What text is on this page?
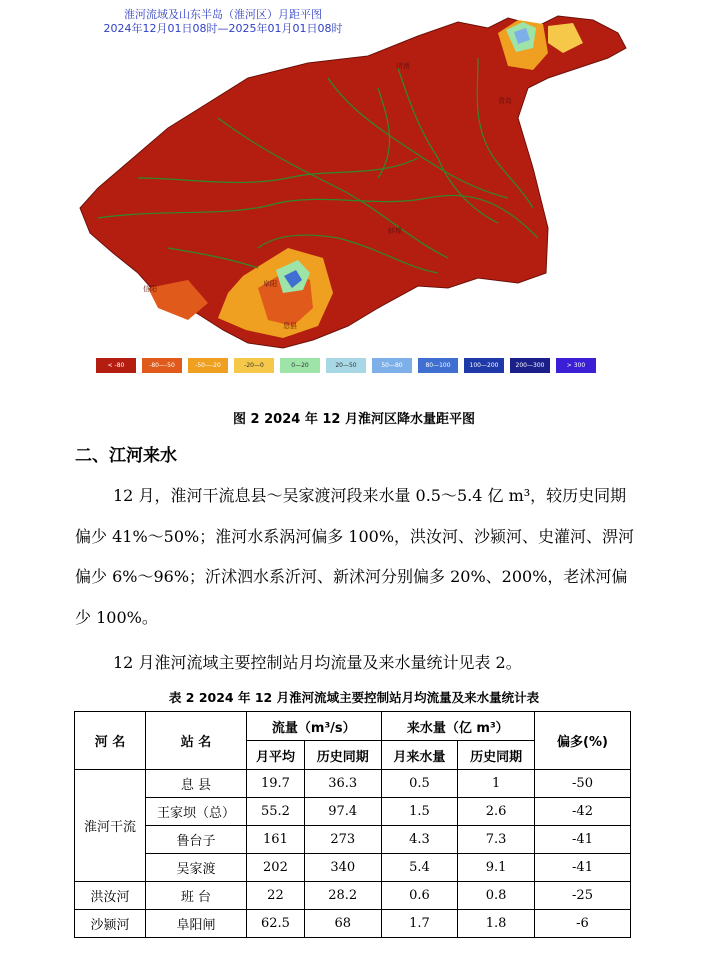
济南
青岛
信阳
息县
蚌埠
阜阳
淮河流域及山东半岛（淮河区）月距平图
2024年12月01日08时—2025年01月01日08时
< -80	-80—-50	-50—-20	-20—0	0—20	20—50	50—80	80—100	100—200	200—300	> 300
图 2 2024 年 12 月淮河区降水量距平图
二、江河来水
12 月，淮河干流息县～吴家渡河段来水量 0.5～5.4 亿 m³，较历史同期偏少 41%～50%；淮河水系涡河偏多 100%，洪汝河、沙颍河、史灌河、淠河偏少 6%～96%；沂沭泗水系沂河、新沭河分别偏多 20%、200%，老沭河偏少 100%。
12 月淮河流域主要控制站月均流量及来水量统计见表 2。
表 2 2024 年 12 月淮河流域主要控制站月均流量及来水量统计表
河 名	站 名	流量（m³/s）		来水量（亿 m³）		偏多(%)
		月平均	历史同期	月来水量	历史同期	
淮河干流	息 县	19.7	36.3	0.5	1	-50
	王家坝（总）	55.2	97.4	1.5	2.6	-42
	鲁台子	161	273	4.3	7.3	-41
	吴家渡	202	340	5.4	9.1	-41
洪汝河	班 台	22	28.2	0.6	0.8	-25
沙颍河	阜阳闸	62.5	68	1.7	1.8	-6
